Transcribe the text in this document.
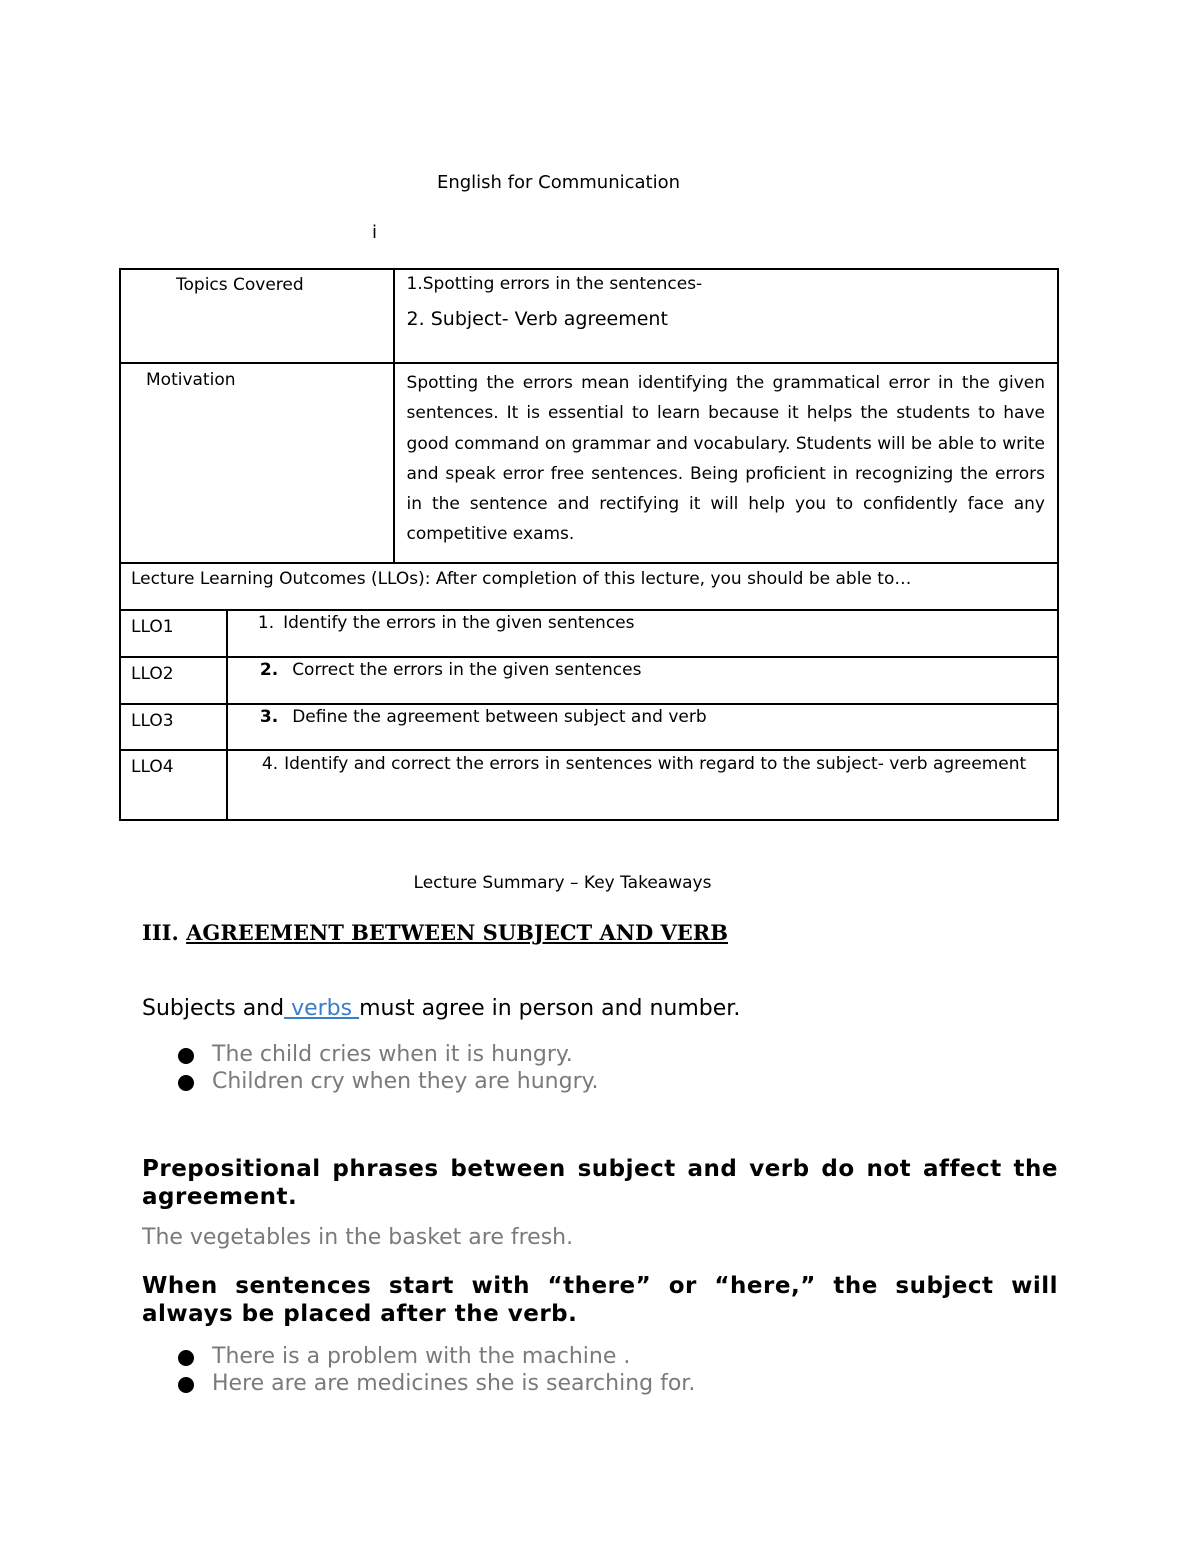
English for Communication
i
Topics Covered		1.Spotting errors in the sentences-
2. Subject- Verb agreement

Motivation		Spotting the errors mean identifying the grammatical error in the given sentences. It is essential to learn because it helps the students to have good command on grammar and vocabulary. Students will be able to write and speak error free sentences. Being proficient in recognizing the errors in the sentence and rectifying it will help you to confidently face any competitive exams.
Lecture Learning Outcomes (LLOs): After completion of this lecture, you should be able to…		
LLO1	1. Identify the errors in the given sentences	
LLO2	2. Correct the errors in the given sentences	
LLO3	3. Define the agreement between subject and verb	
LLO4	4. Identify and correct the errors in sentences with regard to the subject- verb agreement	
Lecture Summary – Key Takeaways
III. AGREEMENT BETWEEN SUBJECT AND VERB
Subjects and verbs must agree in person and number.
The child cries when it is hungry.
Children cry when they are hungry.
Prepositional phrases between subject and verb do not affect the agreement.
The vegetables in the basket are fresh.
When sentences start with “there” or “here,” the subject will always be placed after the verb.
There is a problem with the machine .
Here are are medicines she is searching for.
